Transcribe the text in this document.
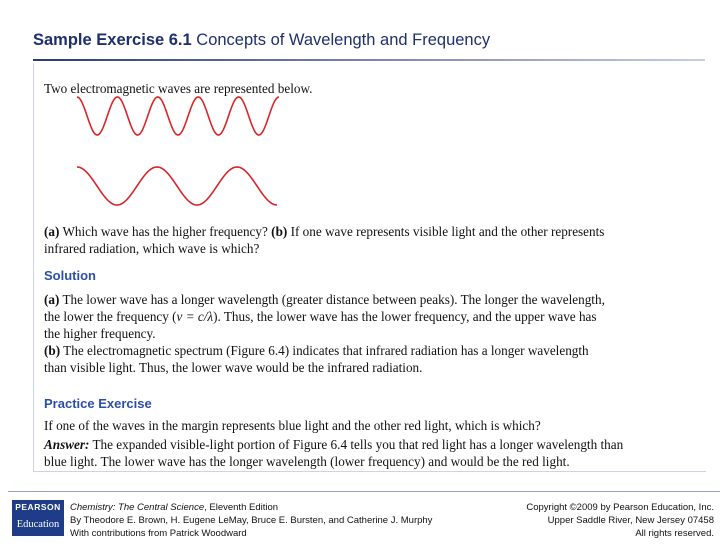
Sample Exercise 6.1 Concepts of Wavelength and Frequency

Two electromagnetic waves are represented below.

(a) Which wave has the higher frequency? (b) If one wave represents visible light and the other represents

infrared radiation, which wave is which?

Solution

(a) The lower wave has a longer wavelength (greater distance between peaks). The longer the wavelength,

the lower the frequency (ν = c/λ). Thus, the lower wave has the lower frequency, and the upper wave has

the higher frequency.

(b) The electromagnetic spectrum (Figure 6.4) indicates that infrared radiation has a longer wavelength

than visible light. Thus, the lower wave would be the infrared radiation.

Practice Exercise

If one of the waves in the margin represents blue light and the other red light, which is which?

Answer: The expanded visible-light portion of Figure 6.4 tells you that red light has a longer wavelength than

blue light. The lower wave has the longer wavelength (lower frequency) and would be the red light.

PEARSON
Education
Chemistry: The Central Science, Eleventh Edition
By Theodore E. Brown, H. Eugene LeMay, Bruce E. Bursten, and Catherine J. Murphy
With contributions from Patrick Woodward
Copyright ©2009 by Pearson Education, Inc.
Upper Saddle River, New Jersey 07458
All rights reserved.
